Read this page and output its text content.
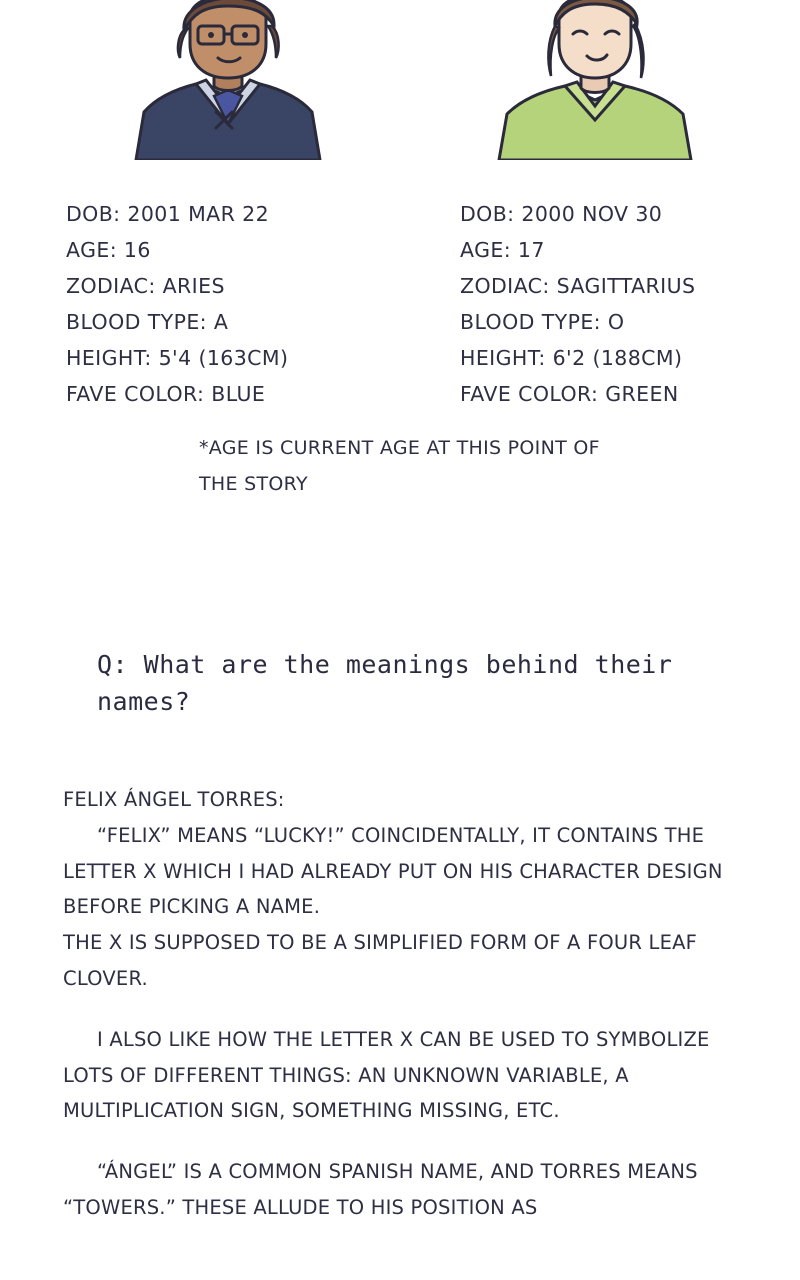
DOB: 2001 MAR 22
AGE: 16
ZODIAC: ARIES
BLOOD TYPE: A
HEIGHT: 5'4 (163CM)
FAVE COLOR: BLUE
DOB: 2000 NOV 30
AGE: 17
ZODIAC: SAGITTARIUS
BLOOD TYPE: O
HEIGHT: 6'2 (188CM)
FAVE COLOR: GREEN
*AGE IS CURRENT AGE AT THIS POINT OF THE STORY
Q: What are the meanings behind their names?

FELIX ÁNGEL TORRES:

“FELIX” MEANS “LUCKY!” COINCIDENTALLY, IT CONTAINS THE LETTER X WHICH I HAD ALREADY PUT ON HIS CHARACTER DESIGN BEFORE PICKING A NAME.

THE X IS SUPPOSED TO BE A SIMPLIFIED FORM OF A FOUR LEAF CLOVER.

I ALSO LIKE HOW THE LETTER X CAN BE USED TO SYMBOLIZE LOTS OF DIFFERENT THINGS: AN UNKNOWN VARIABLE, A MULTIPLICATION SIGN, SOMETHING MISSING, ETC.

“ÁNGEL” IS A COMMON SPANISH NAME, AND TORRES MEANS “TOWERS.” THESE ALLUDE TO HIS POSITION AS
